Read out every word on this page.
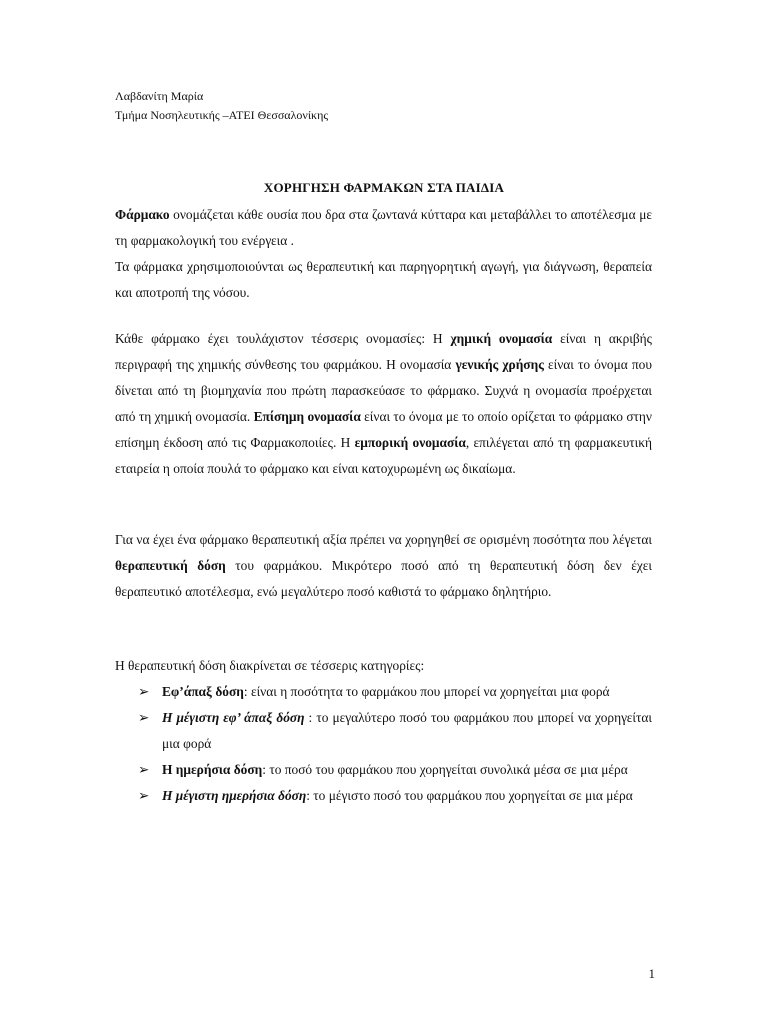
Λαβδανίτη Μαρία
Τμήμα Νοσηλευτικής –ΑΤΕΙ Θεσσαλονίκης
ΧΟΡΗΓΗΣΗ ΦΑΡΜΑΚΩΝ ΣΤΑ ΠΑΙΔΙΑ
Φάρμακο ονομάζεται κάθε ουσία που δρα στα ζωντανά κύτταρα και μεταβάλλει το αποτέλεσμα με τη φαρμακολογική του ενέργεια .
Τα φάρμακα χρησιμοποιούνται ως θεραπευτική και παρηγορητική αγωγή, για διάγνωση, θεραπεία και αποτροπή της νόσου.
Κάθε φάρμακο έχει τουλάχιστον τέσσερις ονομασίες: Η χημική ονομασία είναι η ακριβής περιγραφή της χημικής σύνθεσης του φαρμάκου. Η ονομασία γενικής χρήσης είναι το όνομα που δίνεται από τη βιομηχανία που πρώτη παρασκεύασε το φάρμακο. Συχνά η ονομασία προέρχεται από τη χημική ονομασία. Επίσημη ονομασία είναι το όνομα με το οποίο ορίζεται το φάρμακο στην επίσημη έκδοση από τις Φαρμακοποιίες. Η εμπορική ονομασία, επιλέγεται από τη φαρμακευτική εταιρεία η οποία πουλά το φάρμακο και είναι κατοχυρωμένη ως δικαίωμα.
Για να έχει ένα φάρμακο θεραπευτική αξία πρέπει να χορηγηθεί σε ορισμένη ποσότητα που λέγεται θεραπευτική δόση του φαρμάκου. Μικρότερο ποσό από τη θεραπευτική δόση δεν έχει θεραπευτικό αποτέλεσμα, ενώ μεγαλύτερο ποσό καθιστά το φάρμακο δηλητήριο.
Η θεραπευτική δόση διακρίνεται σε τέσσερις κατηγορίες:
➢ Εφ’άπαξ δόση: είναι η ποσότητα το φαρμάκου που μπορεί να χορηγείται μια φορά
➢ Η μέγιστη εφ’ άπαξ δόση : το μεγαλύτερο ποσό του φαρμάκου που μπορεί να χορηγείται μια φορά
➢ Η ημερήσια δόση: το ποσό του φαρμάκου που χορηγείται συνολικά μέσα σε μια μέρα
➢ Η μέγιστη ημερήσια δόση: το μέγιστο ποσό του φαρμάκου που χορηγείται σε μια μέρα
1
